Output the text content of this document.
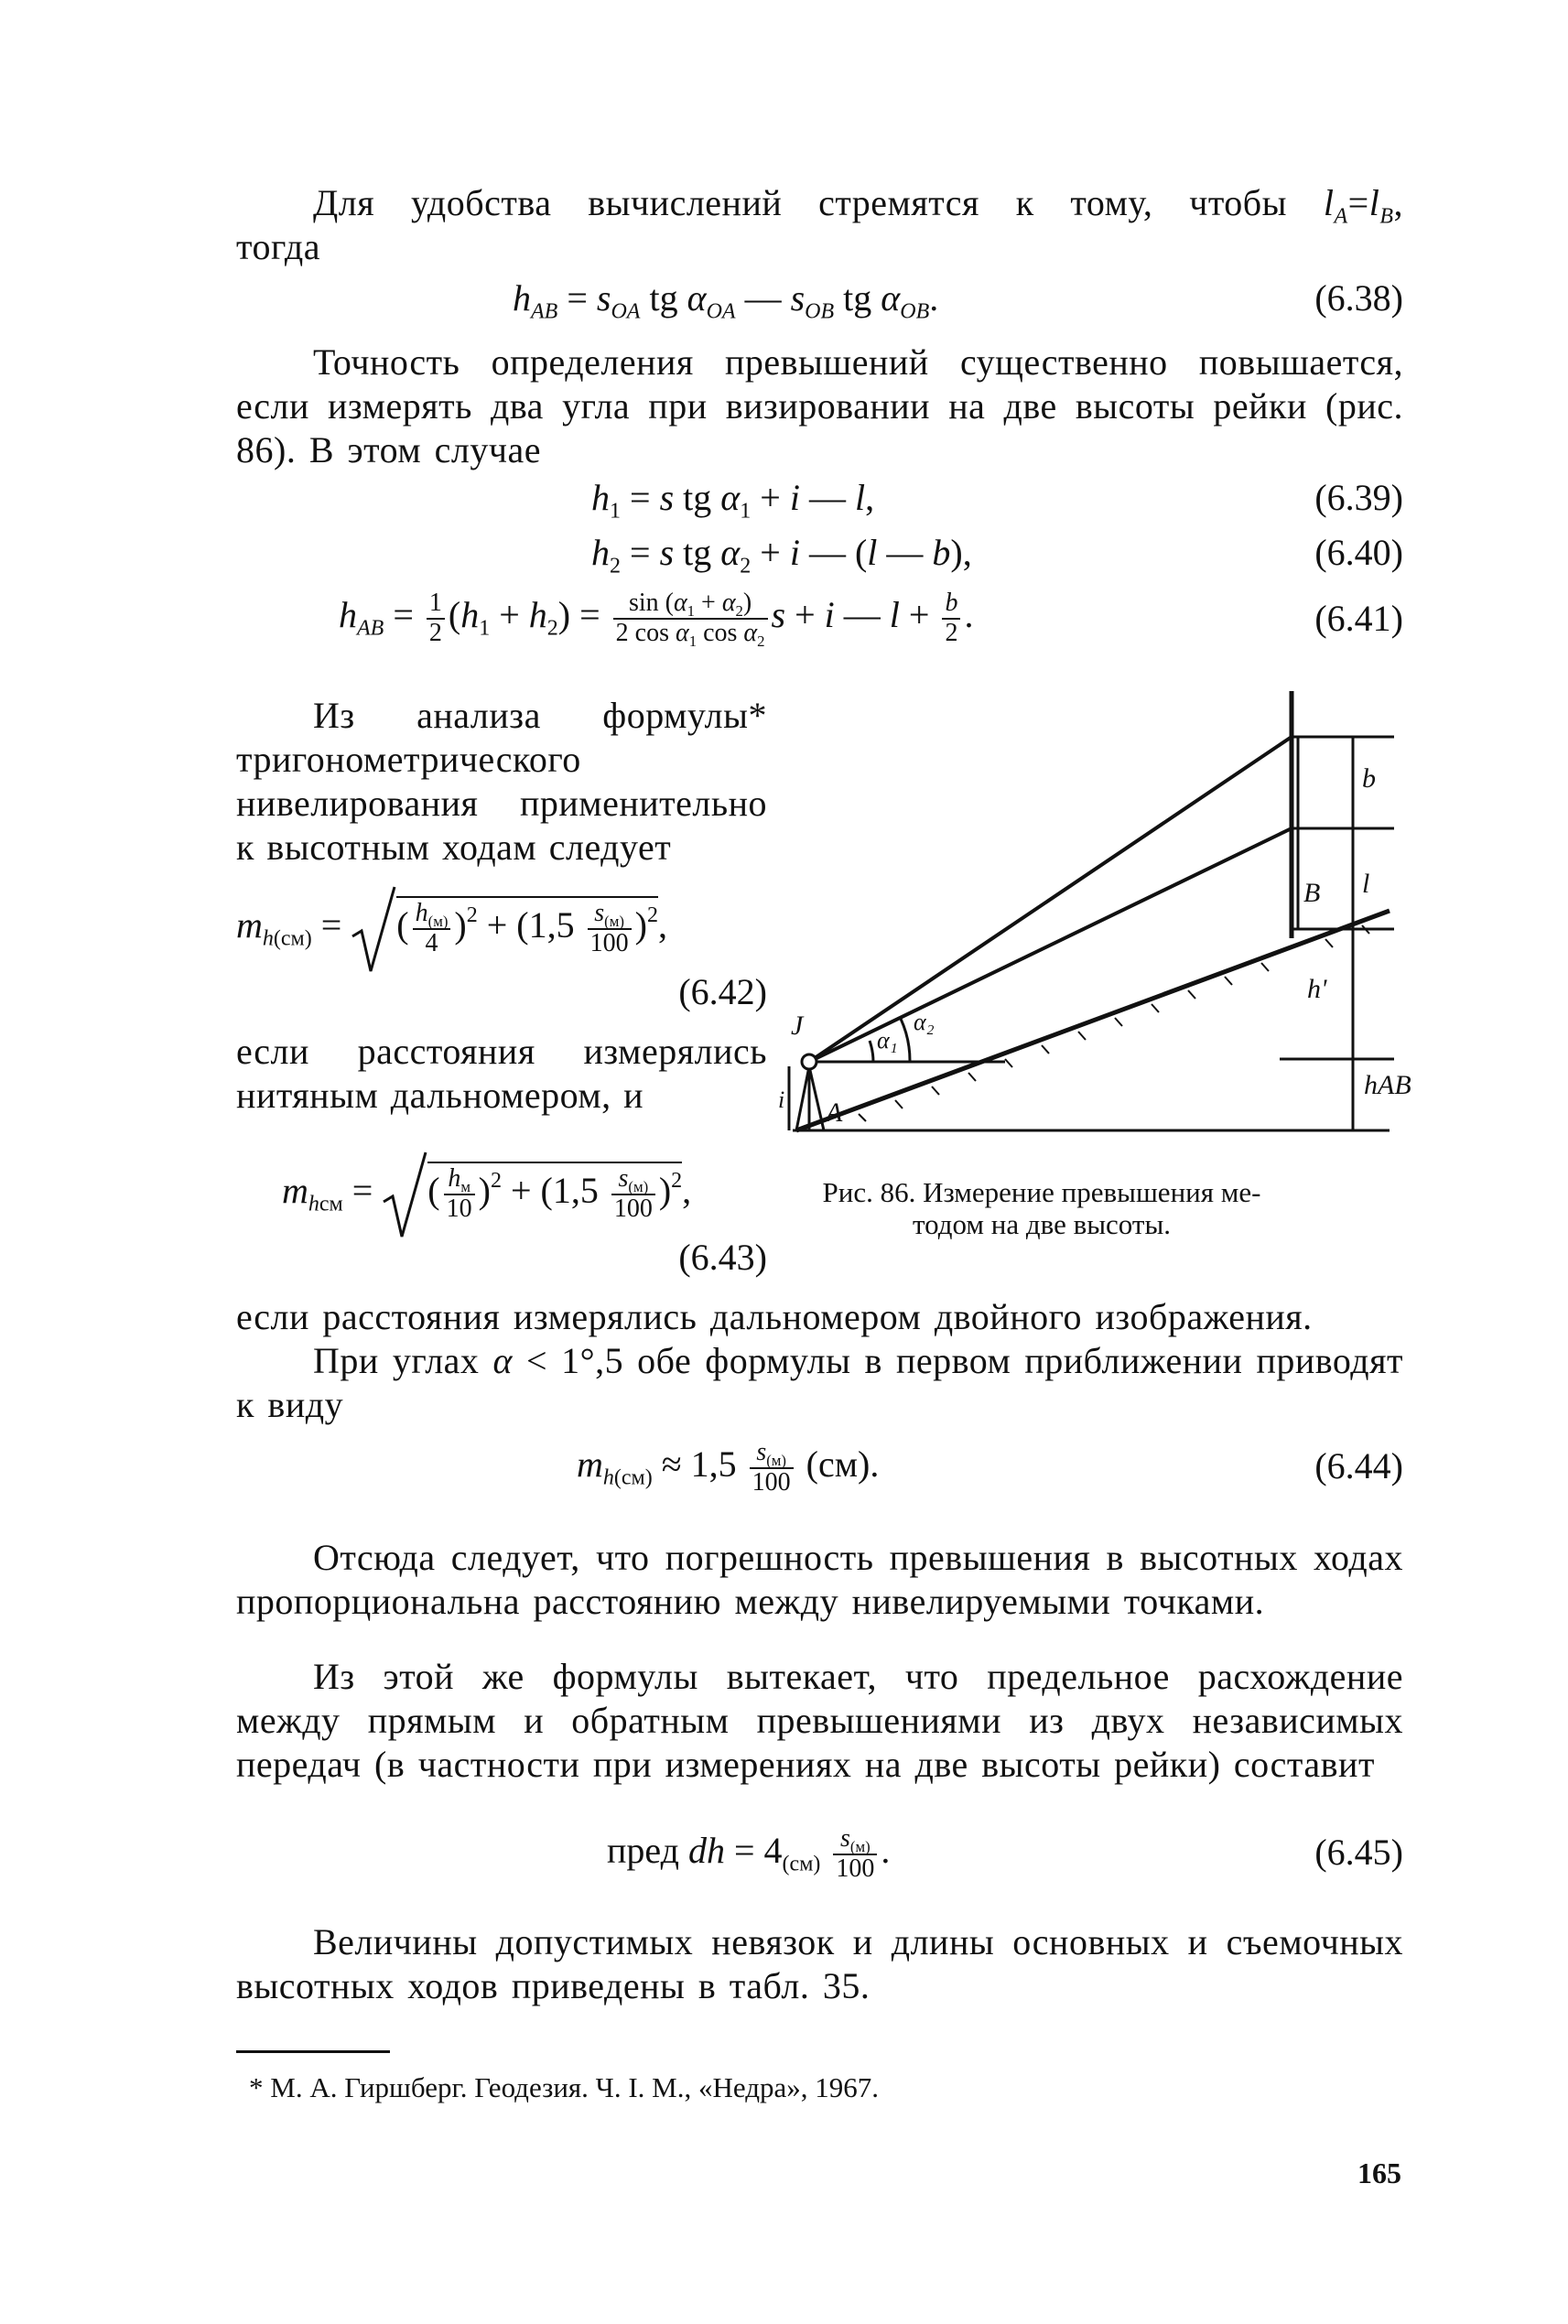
Для удобства вычислений стремятся к тому, чтобы $l_A=l_B$,

тогда

$h_{AB} = s_{OA}$ tg $\alpha_{OA}$ — $s_{OB}$ tg $\alpha_{OB}$.	(6.38)

Точность определения превышений существенно повышается, если измерять два угла при визировании на две высоты рейки (рис. 86). В этом случае

$h_1 = s$ tg $\alpha_1 + i$ — l,	(6.39)
$h_2 = s$ tg $\alpha_2 + i$ — (l — b),	(6.40)
$h_{AB} = \frac{1}{2} (h_1 + h_2) = \frac{\sin (\alpha_1 + \alpha_2)}{2 \cos \alpha_1 \cos \alpha_2}$ s + i — $l + \frac{b}{2}$ .	(6.41)
Из анализа формулы* тригонометрического нивелирования применительно к высотным ходам следует
$m_{h(см)}$ = ( $\frac{h_{(м)}}{4} )^2 + (1,5 \frac{s_{(м)}}{100} )^2$,
(6.42)
если расстояния измерялись нитяным дальномером, и
$m_{hсм}$ = ( $\frac{h_м}{10} )^2 + (1,5 \frac{s_{(м)}}{100} )^2$,
(6.43)
J
A
B
i
l
b
h'
hAB
α₁
α₂
Рис. 86. Измерение превышения ме-
тодом на две высоты.

если расстояния измерялись дальномером двойного изображения.

При углах α < 1°,5 обе формулы в первом приближении приводят к виду

$m_{h(см)} \approx 1,5 \frac{s_{(м)}}{100} (см)$.	(6.44)

Отсюда следует, что погрешность превышения в высотных ходах пропорциональна расстоянию между нивелируемыми точками.

Из этой же формулы вытекает, что предельное расхождение между прямым и обратным превышениями из двух независимых передач (в частности при измерениях на две высоты рейки) составит

пред dh = $4_{(см)} \frac{s_{(м)}}{100}$ .	(6.45)

Величины допустимых невязок и длины основных и съемочных высотных ходов приведены в табл. 35.

* М. А. Гиршберг. Геодезия. Ч. I. М., «Недра», 1967.
165
